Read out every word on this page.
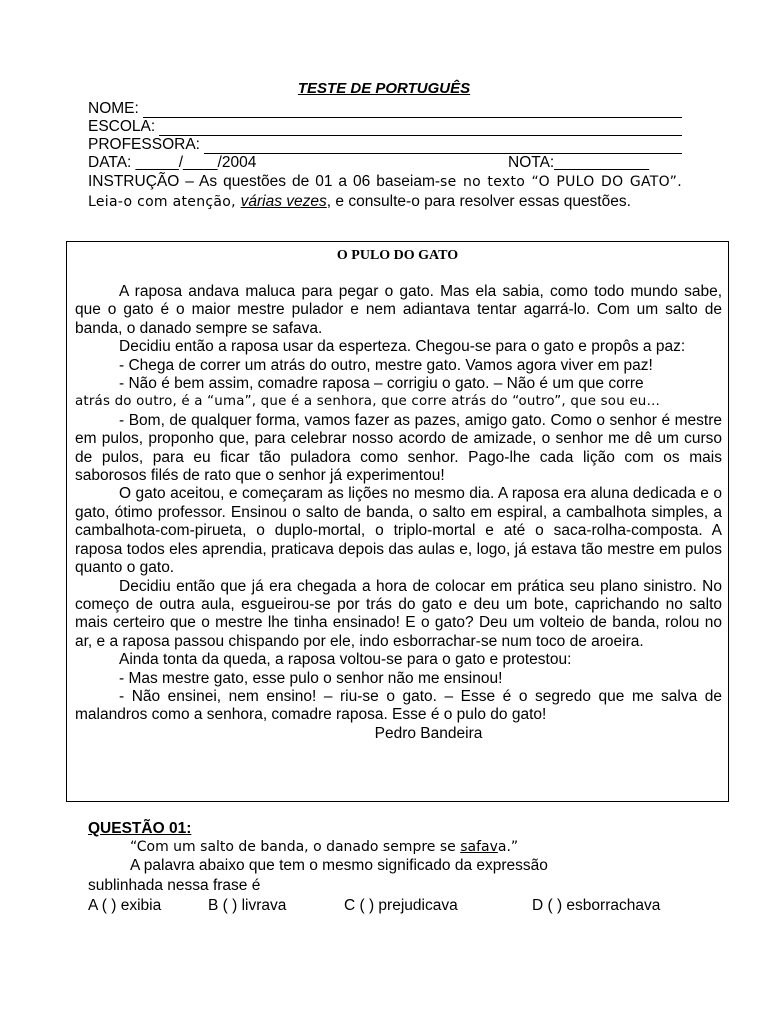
TESTE DE PORTUGUÊS
NOME:
ESCOLA:
PROFESSORA:
DATA: _____/____/2004	NOTA:___________
INSTRUÇÃO – As questões de 01 a 06 baseiam-se no texto “O PULO DO GATO”. Leia-o com atenção, várias vezes, e consulte-o para resolver essas questões.
O PULO DO GATO

A raposa andava maluca para pegar o gato. Mas ela sabia, como todo mundo sabe, que o gato é o maior mestre pulador e nem adiantava tentar agarrá-lo. Com um salto de banda, o danado sempre se safava.

Decidiu então a raposa usar da esperteza. Chegou-se para o gato e propôs a paz:

- Chega de correr um atrás do outro, mestre gato. Vamos agora viver em paz!

- Não é bem assim, comadre raposa – corrigiu o gato. – Não é um que corre

atrás do outro, é a “uma”, que é a senhora, que corre atrás do “outro”, que sou eu…

- Bom, de qualquer forma, vamos fazer as pazes, amigo gato. Como o senhor é mestre em pulos, proponho que, para celebrar nosso acordo de amizade, o senhor me dê um curso de pulos, para eu ficar tão puladora como senhor. Pago-lhe cada lição com os mais saborosos filés de rato que o senhor já experimentou!

O gato aceitou, e começaram as lições no mesmo dia. A raposa era aluna dedicada e o gato, ótimo professor. Ensinou o salto de banda, o salto em espiral, a cambalhota simples, a cambalhota-com-pirueta, o duplo-mortal, o triplo-mortal e até o saca-rolha-composta. A raposa todos eles aprendia, praticava depois das aulas e, logo, já estava tão mestre em pulos quanto o gato.

Decidiu então que já era chegada a hora de colocar em prática seu plano sinistro. No começo de outra aula, esgueirou-se por trás do gato e deu um bote, caprichando no salto mais certeiro que o mestre lhe tinha ensinado! E o gato? Deu um volteio de banda, rolou no ar, e a raposa passou chispando por ele, indo esborrachar-se num toco de aroeira.

Ainda tonta da queda, a raposa voltou-se para o gato e protestou:

- Mas mestre gato, esse pulo o senhor não me ensinou!

- Não ensinei, nem ensino! – riu-se o gato. – Esse é o segredo que me salva de malandros como a senhora, comadre raposa. Esse é o pulo do gato!

Pedro Bandeira

QUESTÃO 01:
“Com um salto de banda, o danado sempre se safava.”
A palavra abaixo que tem o mesmo significado da expressão
sublinhada nessa frase é
A ( ) exibia	B ( ) livrava	C ( ) prejudicava	D ( ) esborrachava
